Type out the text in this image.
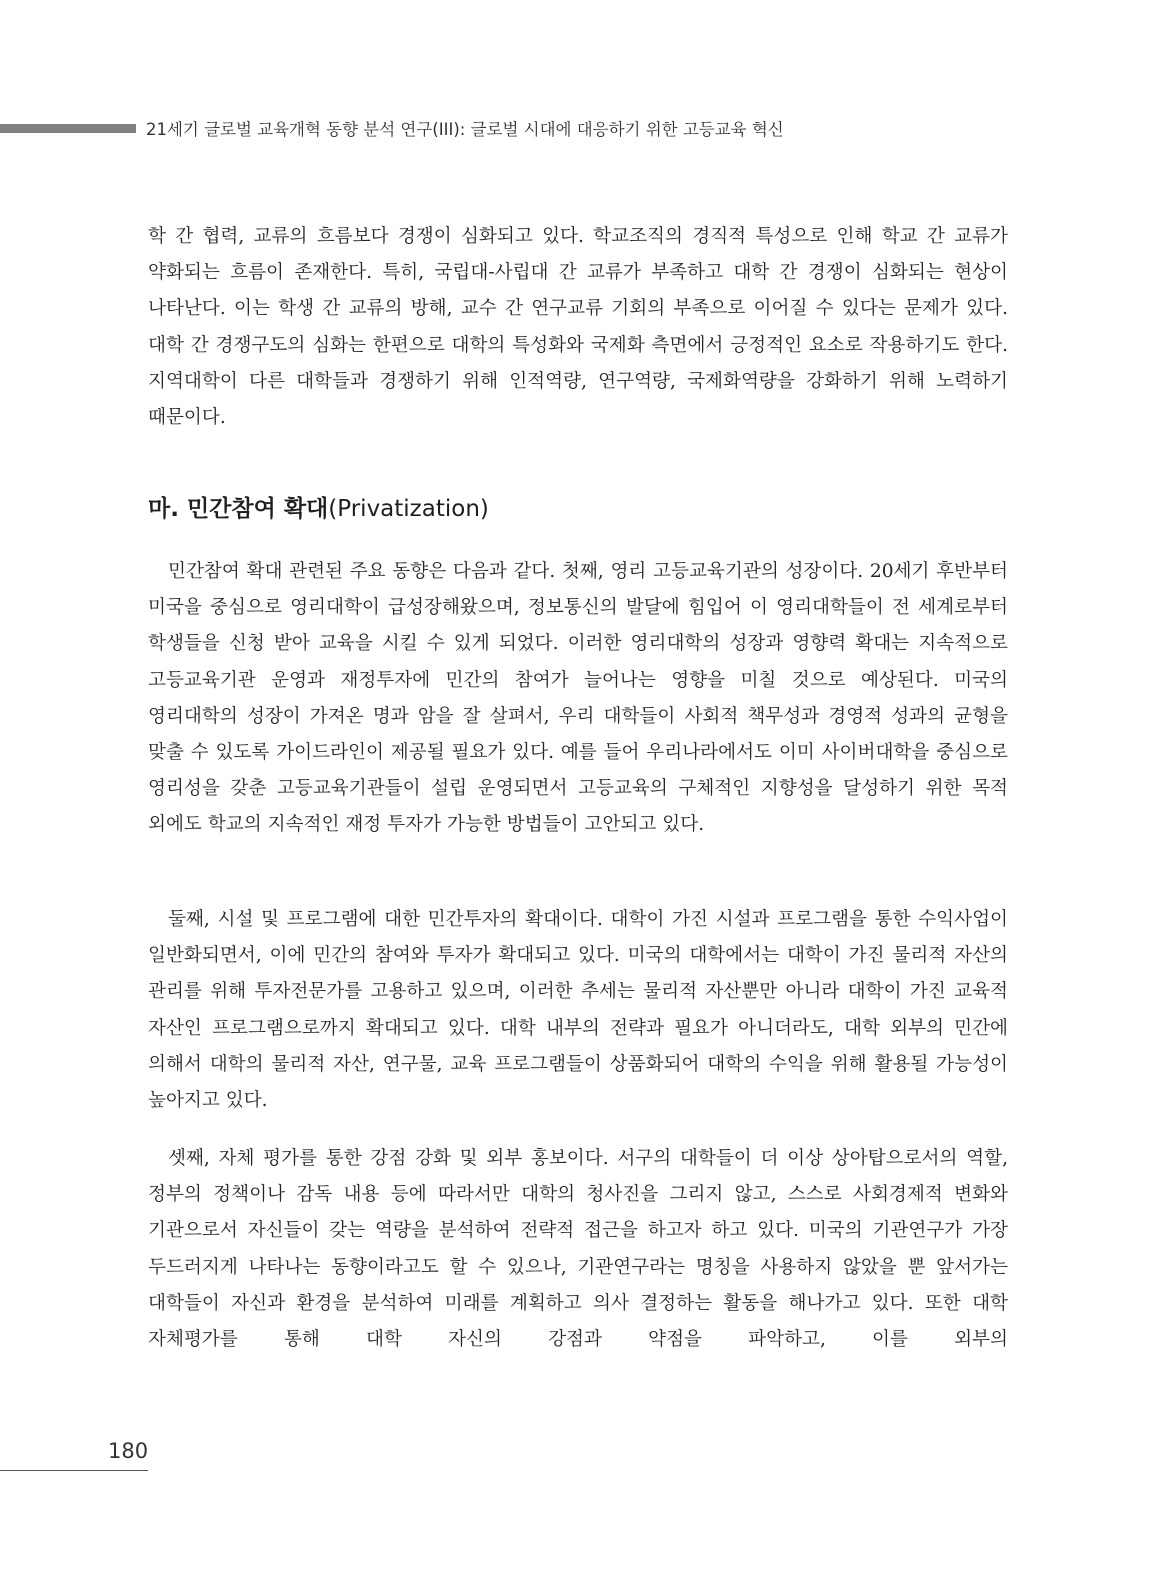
21세기 글로벌 교육개혁 동향 분석 연구(III): 글로벌 시대에 대응하기 위한 고등교육 혁신

학 간 협력, 교류의 흐름보다 경쟁이 심화되고 있다. 학교조직의 경직적 특성으로 인해 학교 간 교류가 약화되는 흐름이 존재한다. 특히, 국립대-사립대 간 교류가 부족하고 대학 간 경쟁이 심화되는 현상이 나타난다. 이는 학생 간 교류의 방해, 교수 간 연구교류 기회의 부족으로 이어질 수 있다는 문제가 있다. 대학 간 경쟁구도의 심화는 한편으로 대학의 특성화와 국제화 측면에서 긍정적인 요소로 작용하기도 한다. 지역대학이 다른 대학들과 경쟁하기 위해 인적역량, 연구역량, 국제화역량을 강화하기 위해 노력하기 때문이다.

마. 민간참여 확대(Privatization)

민간참여 확대 관련된 주요 동향은 다음과 같다. 첫째, 영리 고등교육기관의 성장이다. 20세기 후반부터 미국을 중심으로 영리대학이 급성장해왔으며, 정보통신의 발달에 힘입어 이 영리대학들이 전 세계로부터 학생들을 신청 받아 교육을 시킬 수 있게 되었다. 이러한 영리대학의 성장과 영향력 확대는 지속적으로 고등교육기관 운영과 재정투자에 민간의 참여가 늘어나는 영향을 미칠 것으로 예상된다. 미국의 영리대학의 성장이 가져온 명과 암을 잘 살펴서, 우리 대학들이 사회적 책무성과 경영적 성과의 균형을 맞출 수 있도록 가이드라인이 제공될 필요가 있다. 예를 들어 우리나라에서도 이미 사이버대학을 중심으로 영리성을 갖춘 고등교육기관들이 설립 운영되면서 고등교육의 구체적인 지향성을 달성하기 위한 목적 외에도 학교의 지속적인 재정 투자가 가능한 방법들이 고안되고 있다.

둘째, 시설 및 프로그램에 대한 민간투자의 확대이다. 대학이 가진 시설과 프로그램을 통한 수익사업이 일반화되면서, 이에 민간의 참여와 투자가 확대되고 있다. 미국의 대학에서는 대학이 가진 물리적 자산의 관리를 위해 투자전문가를 고용하고 있으며, 이러한 추세는 물리적 자산뿐만 아니라 대학이 가진 교육적 자산인 프로그램으로까지 확대되고 있다. 대학 내부의 전략과 필요가 아니더라도, 대학 외부의 민간에 의해서 대학의 물리적 자산, 연구물, 교육 프로그램들이 상품화되어 대학의 수익을 위해 활용될 가능성이 높아지고 있다.

셋째, 자체 평가를 통한 강점 강화 및 외부 홍보이다. 서구의 대학들이 더 이상 상아탑으로서의 역할, 정부의 정책이나 감독 내용 등에 따라서만 대학의 청사진을 그리지 않고, 스스로 사회경제적 변화와 기관으로서 자신들이 갖는 역량을 분석하여 전략적 접근을 하고자 하고 있다. 미국의 기관연구가 가장 두드러지게 나타나는 동향이라고도 할 수 있으나, 기관연구라는 명칭을 사용하지 않았을 뿐 앞서가는 대학들이 자신과 환경을 분석하여 미래를 계획하고 의사 결정하는 활동을 해나가고 있다. 또한 대학 자체평가를 통해 대학 자신의 강점과 약점을 파악하고, 이를 외부의

180
